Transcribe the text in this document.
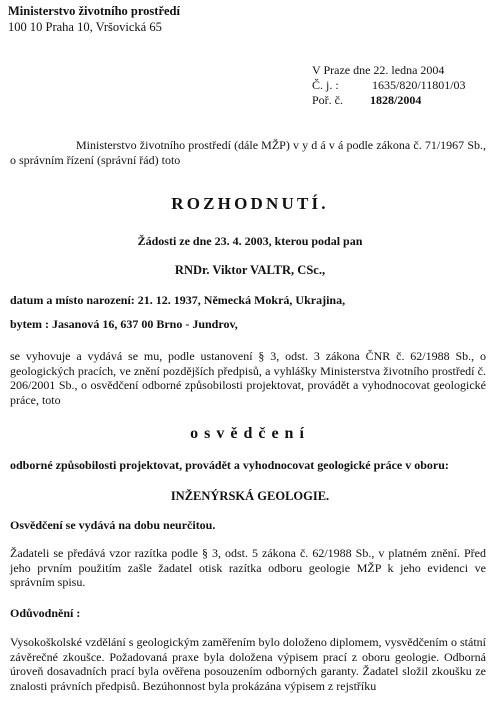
Ministerstvo životního prostředí
100 10 Praha 10, Vršovická 65
V Praze dne 22. ledna 2004
Č. j. :	1635/820/11801/03
Poř. č. 1828/2004
Ministerstvo životního prostředí (dále MŽP) v y d á v á podle zákona č. 71/1967 Sb., o správním řízení (správní řád) toto
ROZHODNUTÍ.
Žádosti ze dne 23. 4. 2003, kterou podal pan
RNDr. Viktor VALTR, CSc.,
datum a místo narození: 21. 12. 1937, Německá Mokrá, Ukrajina,
bytem : Jasanová 16, 637 00 Brno - Jundrov,
se vyhovuje a vydává se mu, podle ustanovení § 3, odst. 3 zákona ČNR č. 62/1988 Sb., o geologických pracích, ve znění pozdějších předpisů, a vyhlášky Ministerstva životního prostředí č. 206/2001 Sb., o osvědčení odborné způsobilosti projektovat, provádět a vyhodnocovat geologické práce, toto
osvědčení
odborné způsobilosti projektovat, provádět a vyhodnocovat geologické práce v oboru:
INŽENÝRSKÁ GEOLOGIE.
Osvědčení se vydává na dobu neurčitou.
Žadateli se předává vzor razítka podle § 3, odst. 5 zákona č. 62/1988 Sb., v platném znění. Před jeho prvním použitím zašle žadatel otisk razítka odboru geologie MŽP k jeho evidenci ve správním spisu.
Odůvodnění :
Vysokoškolské vzdělání s geologickým zaměřením bylo doloženo diplomem, vysvědčením o státní závěrečné zkoušce. Požadovaná praxe byla doložena výpisem prací z oboru geologie. Odborná úroveň dosavadních prací byla ověřena posouzením odborných garanty. Žadatel složil zkoušku ze znalosti právních předpisů. Bezúhonnost byla prokázána výpisem z rejstříku
